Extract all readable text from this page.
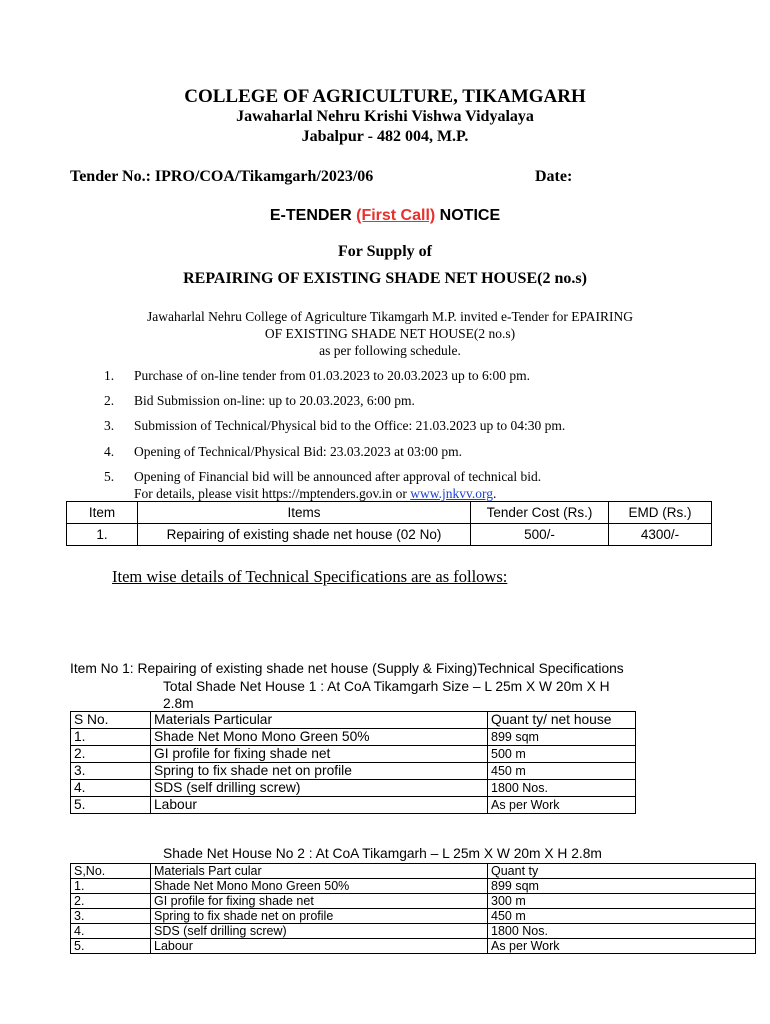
COLLEGE OF AGRICULTURE, TIKAMGARH
Jawaharlal Nehru Krishi Vishwa Vidyalaya
Jabalpur - 482 004, M.P.
Tender No.: IPRO/COA/Tikamgarh/2023/06	Date:
E-TENDER (First Call) NOTICE
For Supply of
REPAIRING OF EXISTING SHADE NET HOUSE(2 no.s)
Jawaharlal Nehru College of Agriculture Tikamgarh M.P. invited e-Tender for EPAIRING
OF EXISTING SHADE NET HOUSE(2 no.s)
as per following schedule.
1.	Purchase of on-line tender from 01.03.2023 to 20.03.2023 up to 6:00 pm.
2.	Bid Submission on-line: up to 20.03.2023, 6:00 pm.
3.	Submission of Technical/Physical bid to the Office: 21.03.2023 up to 04:30 pm.
4.	Opening of Technical/Physical Bid: 23.03.2023 at 03:00 pm.
5.	Opening of Financial bid will be announced after approval of technical bid.
For details, please visit https://mptenders.gov.in or www.jnkvv.org.
Item	Items	Tender Cost (Rs.)	EMD (Rs.)
1.	Repairing of existing shade net house (02 No)	500/-	4300/-
Item wise details of Technical Specifications are as follows:
Item No 1: Repairing of existing shade net house (Supply & Fixing)Technical Specifications
Total Shade Net House 1 : At CoA Tikamgarh Size – L 25m X W 20m X H
2.8m
S No.	Materials Particular	Quant ty/ net house
1.	Shade Net Mono Mono Green 50%	899 sqm
2.	GI profile for fixing shade net	500 m
3.	Spring to fix shade net on profile	450 m
4.	SDS (self drilling screw)	1800 Nos.
5.	Labour	As per Work
Shade Net House No 2 : At CoA Tikamgarh – L 25m X W 20m X H 2.8m
S,No.	Materials Part cular	Quant ty
1.	Shade Net Mono Mono Green 50%	899 sqm
2.	GI profile for fixing shade net	300 m
3.	Spring to fix shade net on profile	450 m
4.	SDS (self drilling screw)	1800 Nos.
5.	Labour	As per Work
